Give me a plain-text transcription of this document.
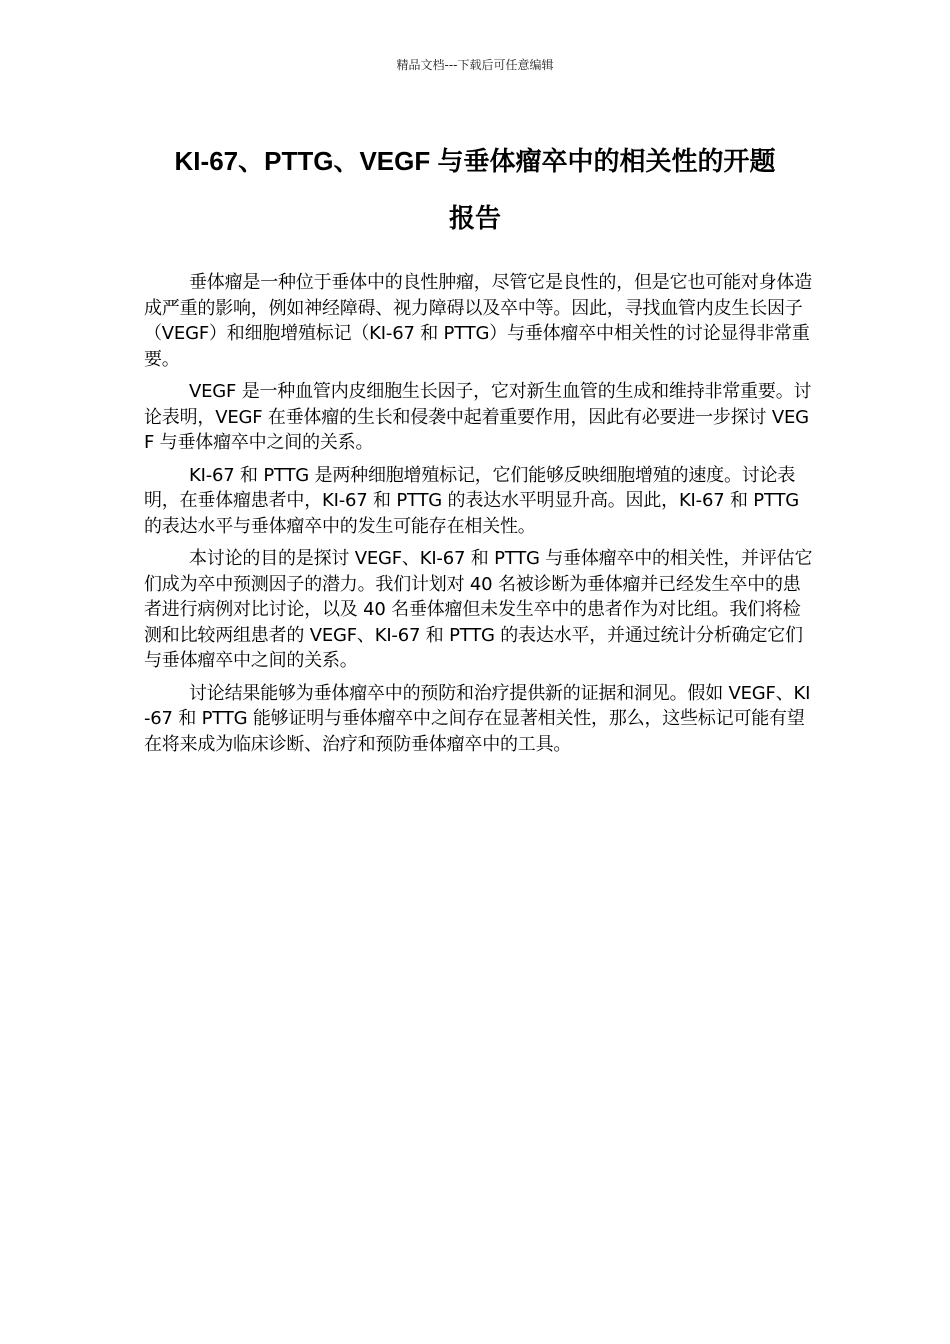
精品文档---下载后可任意编辑
KI-67、PTTG、VEGF 与垂体瘤卒中的相关性的开题
报告

垂体瘤是一种位于垂体中的良性肿瘤，尽管它是良性的，但是它也可能对身体造成严重的影响，例如神经障碍、视力障碍以及卒中等。因此，寻找血管内皮生长因子（VEGF）和细胞增殖标记（KI-67 和 PTTG）与垂体瘤卒中相关性的讨论显得非常重要。

VEGF 是一种血管内皮细胞生长因子，它对新生血管的生成和维持非常重要。讨论表明，VEGF 在垂体瘤的生长和侵袭中起着重要作用，因此有必要进一步探讨 VEGF 与垂体瘤卒中之间的关系。

KI-67 和 PTTG 是两种细胞增殖标记，它们能够反映细胞增殖的速度。讨论表明，在垂体瘤患者中，KI-67 和 PTTG 的表达水平明显升高。因此，KI-67 和 PTTG 的表达水平与垂体瘤卒中的发生可能存在相关性。

本讨论的目的是探讨 VEGF、KI-67 和 PTTG 与垂体瘤卒中的相关性，并评估它们成为卒中预测因子的潜力。我们计划对 40 名被诊断为垂体瘤并已经发生卒中的患者进行病例对比讨论，以及 40 名垂体瘤但未发生卒中的患者作为对比组。我们将检测和比较两组患者的 VEGF、KI-67 和 PTTG 的表达水平，并通过统计分析确定它们与垂体瘤卒中之间的关系。

讨论结果能够为垂体瘤卒中的预防和治疗提供新的证据和洞见。假如 VEGF、KI-67 和 PTTG 能够证明与垂体瘤卒中之间存在显著相关性，那么，这些标记可能有望在将来成为临床诊断、治疗和预防垂体瘤卒中的工具。
